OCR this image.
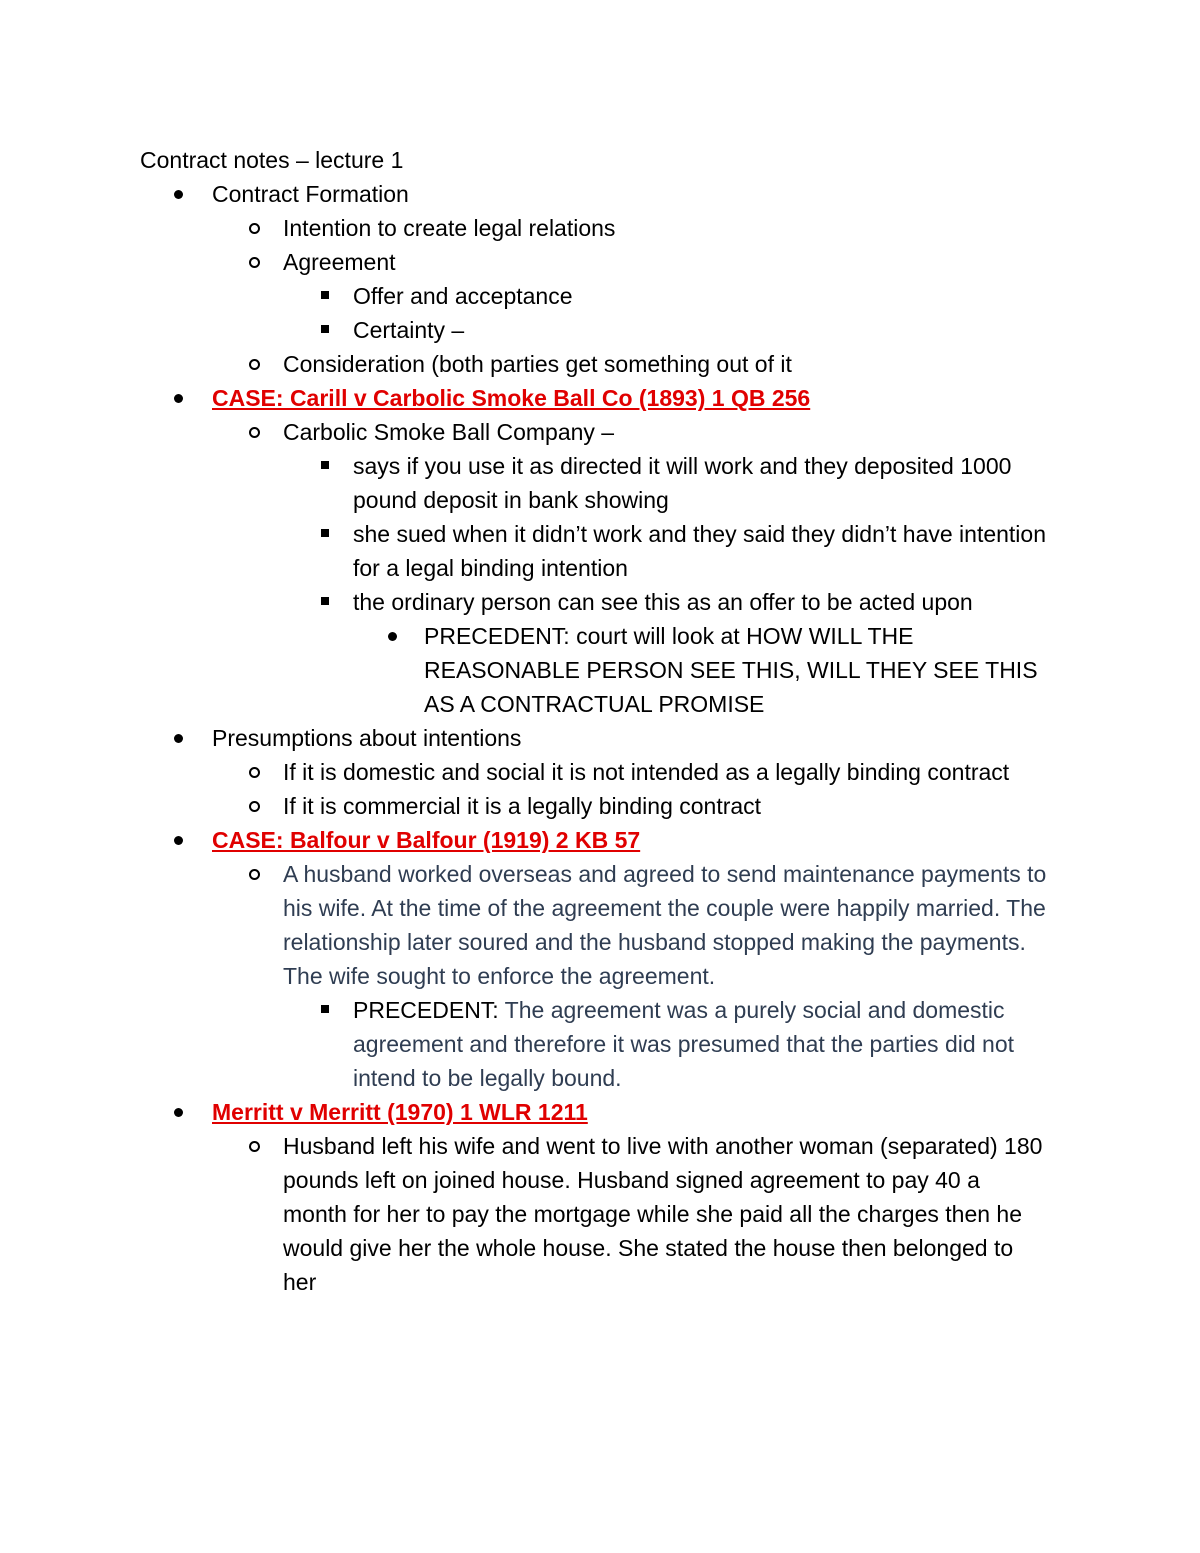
Contract notes – lecture 1
Contract Formation
Intention to create legal relations
Agreement
Offer and acceptance
Certainty –
Consideration (both parties get something out of it
CASE: Carill v Carbolic Smoke Ball Co (1893) 1 QB 256
Carbolic Smoke Ball Company –
says if you use it as directed it will work and they deposited 1000 pound deposit in bank showing
she sued when it didn’t work and they said they didn’t have intention for a legal binding intention
the ordinary person can see this as an offer to be acted upon
PRECEDENT: court will look at HOW WILL THE REASONABLE PERSON SEE THIS, WILL THEY SEE THIS AS A CONTRACTUAL PROMISE
Presumptions about intentions
If it is domestic and social it is not intended as a legally binding contract
If it is commercial it is a legally binding contract
CASE: Balfour v Balfour (1919) 2 KB 57
A husband worked overseas and agreed to send maintenance payments to his wife. At the time of the agreement the couple were happily married. The relationship later soured and the husband stopped making the payments. The wife sought to enforce the agreement.
PRECEDENT: The agreement was a purely social and domestic agreement and therefore it was presumed that the parties did not intend to be legally bound.
Merritt v Merritt (1970) 1 WLR 1211
Husband left his wife and went to live with another woman (separated) 180 pounds left on joined house. Husband signed agreement to pay 40 a month for her to pay the mortgage while she paid all the charges then he would give her the whole house. She stated the house then belonged to her
